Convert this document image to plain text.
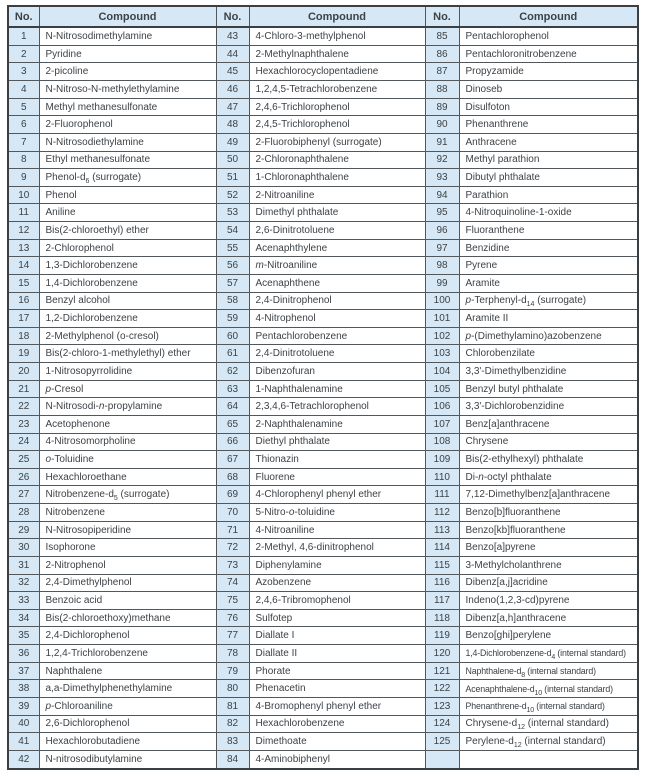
No.	Compound	No.	Compound	No.	Compound
1	N-Nitrosodimethylamine	43	4-Chloro-3-methylphenol	85	Pentachlorophenol
2	Pyridine	44	2-Methylnaphthalene	86	Pentachloronitrobenzene
3	2-picoline	45	Hexachlorocyclopentadiene	87	Propyzamide
4	N-Nitroso-N-methylethylamine	46	1,2,4,5-Tetrachlorobenzene	88	Dinoseb
5	Methyl methanesulfonate	47	2,4,6-Trichlorophenol	89	Disulfoton
6	2-Fluorophenol	48	2,4,5-Trichlorophenol	90	Phenanthrene
7	N-Nitrosodiethylamine	49	2-Fluorobiphenyl (surrogate)	91	Anthracene
8	Ethyl methanesulfonate	50	2-Chloronaphthalene	92	Methyl parathion
9	Phenol-$d_6$ (surrogate)	51	1-Chloronaphthalene	93	Dibutyl phthalate
10	Phenol	52	2-Nitroaniline	94	Parathion
11	Aniline	53	Dimethyl phthalate	95	4-Nitroquinoline-1-oxide
12	Bis(2-chloroethyl) ether	54	2,6-Dinitrotoluene	96	Fluoranthene
13	2-Chlorophenol	55	Acenaphthylene	97	Benzidine
14	1,3-Dichlorobenzene	56	m-Nitroaniline	98	Pyrene
15	1,4-Dichlorobenzene	57	Acenaphthene	99	Aramite
16	Benzyl alcohol	58	2,4-Dinitrophenol	100	$p-Terphenyl-d_{14}$ (surrogate)
17	1,2-Dichlorobenzene	59	4-Nitrophenol	101	Aramite II
18	2-Methylphenol (o-cresol)	60	Pentachlorobenzene	102	p-(Dimethylamino)azobenzene
19	Bis(2-chloro-1-methylethyl) ether	61	2,4-Dinitrotoluene	103	Chlorobenzilate
20	1-Nitrosopyrrolidine	62	Dibenzofuran	104	3,3'-Dimethylbenzidine
21	p-Cresol	63	1-Naphthalenamine	105	Benzyl butyl phthalate
22	N-Nitrosodi-n-propylamine	64	2,3,4,6-Tetrachlorophenol	106	3,3'-Dichlorobenzidine
23	Acetophenone	65	2-Naphthalenamine	107	Benz[a]anthracene
24	4-Nitrosomorpholine	66	Diethyl phthalate	108	Chrysene
25	o-Toluidine	67	Thionazin	109	Bis(2-ethylhexyl) phthalate
26	Hexachloroethane	68	Fluorene	110	Di-n-octyl phthalate
27	Nitrobenzene-$d_5$ (surrogate)	69	4-Chlorophenyl phenyl ether	111	7,12-Dimethylbenz[a]anthracene
28	Nitrobenzene	70	5-Nitro-o-toluidine	112	Benzo[b]fluoranthene
29	N-Nitrosopiperidine	71	4-Nitroaniline	113	Benzo[kb]fluoranthene
30	Isophorone	72	2-Methyl, 4,6-dinitrophenol	114	Benzo[a]pyrene
31	2-Nitrophenol	73	Diphenylamine	115	3-Methylcholanthrene
32	2,4-Dimethylphenol	74	Azobenzene	116	Dibenz[a,j]acridine
33	Benzoic acid	75	2,4,6-Tribromophenol	117	Indeno(1,2,3-cd)pyrene
34	Bis(2-chloroethoxy)methane	76	Sulfotep	118	Dibenz[a,h]anthracene
35	2,4-Dichlorophenol	77	Diallate I	119	Benzo[ghi]perylene
36	1,2,4-Trichlorobenzene	78	Diallate II	120	$1,4-Dichlorobenzene-d_4$ (internal standard)
37	Naphthalene	79	Phorate	121	Naphthalene-$d_8$ (internal standard)
38	a,a-Dimethylphenethylamine	80	Phenacetin	122	Acenaphthalene-$d_{10}$ (internal standard)
39	p-Chloroaniline	81	4-Bromophenyl phenyl ether	123	Phenanthrene-$d_{10}$ (internal standard)
40	2,6-Dichlorophenol	82	Hexachlorobenzene	124	Chrysene-$d_{12}$ (internal standard)
41	Hexachlorobutadiene	83	Dimethoate	125	Perylene-$d_{12}$ (internal standard)
42	N-nitrosodibutylamine	84	4-Aminobiphenyl		
